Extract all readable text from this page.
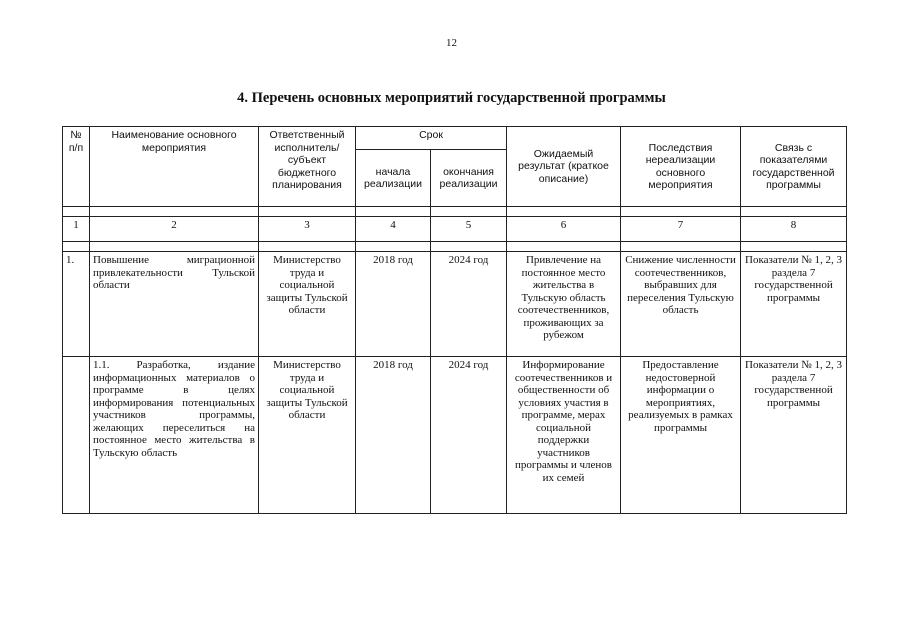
12
4. Перечень основных мероприятий государственной программы
№ п/п	Наименование основного мероприятия	Ответственный исполнитель/ субъект бюджетного планирования	Срок		Ожидаемый результат (краткое описание)	Последствия нереализации основного мероприятия	Связь с показателями государственной программы
			начала реализации	окончания реализации			

1	2	3	4	5	6	7	8

1.	Повышение миграционной привлекательности Тульской области	Министерство труда и социальной защиты Тульской области	2018 год	2024 год	Привлечение на постоянное место жительства в Тульскую область соотечественников, проживающих за рубежом	Снижение численности соотечественников, выбравших для переселения Тульскую область	Показатели № 1, 2, 3 раздела 7 государственной программы
	1.1. Разработка, издание информационных материалов о программе в целях информирования потенциальных участников программы, желающих переселиться на постоянное место жительства в Тульскую область	Министерство труда и социальной защиты Тульской области	2018 год	2024 год	Информирование соотечественников и общественности об условиях участия в программе, мерах социальной поддержки участников программы и членов их семей	Предоставление недостоверной информации о мероприятиях, реализуемых в рамках программы	Показатели № 1, 2, 3 раздела 7 государственной программы
